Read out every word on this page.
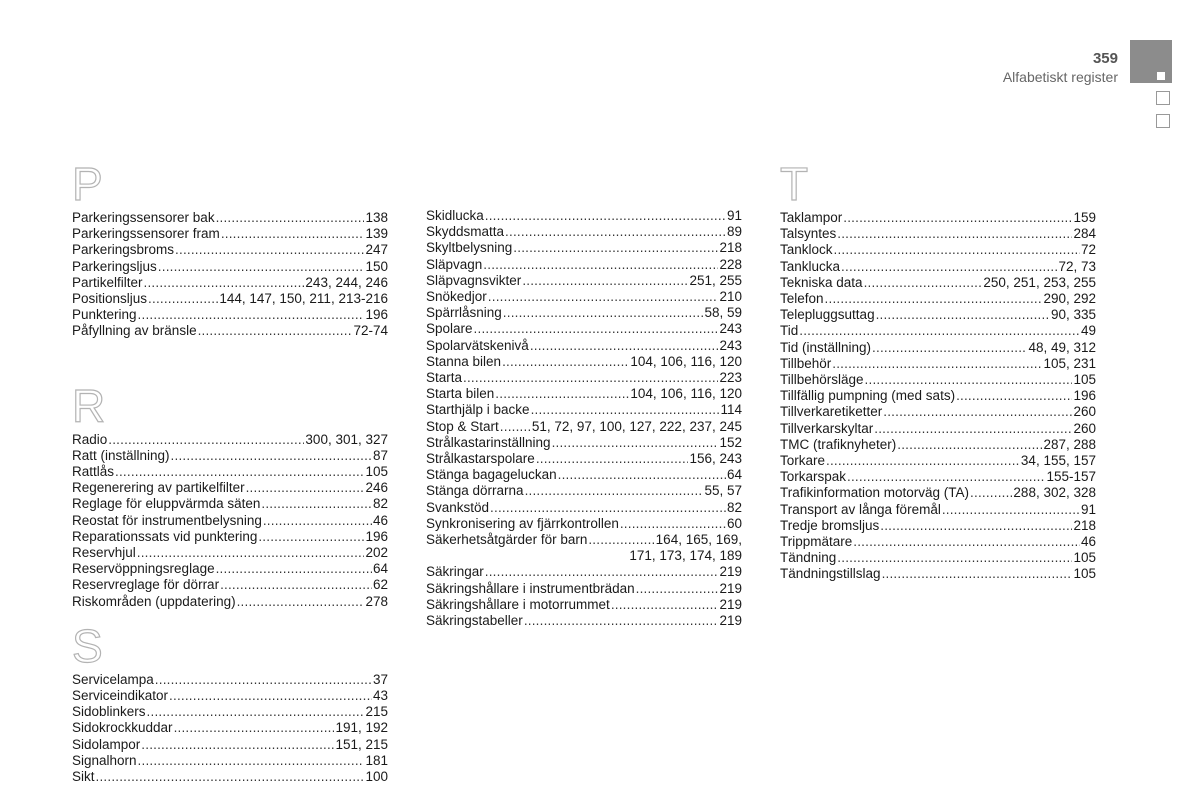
359
Alfabetiskt register
P
Parkeringssensorer bak .....	138
Parkeringssensorer fram .....	139
Parkeringsbroms .....	247
Parkeringsljus .....	150
Partikelfilter .....	243, 244, 246
Positionsljus .....	144, 147, 150, 211, 213-216
Punktering .....	196
Påfyllning av bränsle .....	72-74
R
Radio .....	300, 301, 327
Ratt (inställning) .....	87
Rattlås .....	105
Regenerering av partikelfilter .....	246
Reglage för eluppvärmda säten .....	82
Reostat för instrumentbelysning .....	46
Reparationssats vid punktering .....	196
Reservhjul .....	202
Reservöppningsreglage .....	64
Reservreglage för dörrar .....	62
Riskområden (uppdatering) .....	278
S
Servicelampa .....	37
Serviceindikator .....	43
Sidoblinkers .....	215
Sidokrockkuddar .....	191, 192
Sidolampor .....	151, 215
Signalhorn .....	181
Sikt .....	100
Skidlucka .....	91
Skyddsmatta .....	89
Skyltbelysning .....	218
Släpvagn .....	228
Släpvagnsvikter .....	251, 255
Snökedjor .....	210
Spärrlåsning .....	58, 59
Spolare .....	243
Spolarvätskenivå .....	243
Stanna bilen .....	104, 106, 116, 120
Starta .....	223
Starta bilen .....	104, 106, 116, 120
Starthjälp i backe .....	114
Stop & Start ..... 51, 72, 97, 100, 127, 222, 237, 245
Strålkastarinställning .....	152
Strålkastarspolare .....	156, 243
Stänga bagageluckan .....	64
Stänga dörrarna .....	55, 57
Svankstöd .....	82
Synkronisering av fjärrkontrollen .....	60
Säkerhetsåtgärder för barn .....	164, 165, 169,
171, 173, 174, 189
Säkringar .....	219
Säkringshållare i instrumentbrädan .....	219
Säkringshållare i motorrummet .....	219
Säkringstabeller .....	219
T
Taklampor .....	159
Talsyntes .....	284
Tanklock .....	72
Tanklucka .....	72, 73
Tekniska data .....	250, 251, 253, 255
Telefon .....	290, 292
Telepluggsuttag .....	90, 335
Tid .....	49
Tid (inställning) .....	48, 49, 312
Tillbehör .....	105, 231
Tillbehörsläge .....	105
Tillfällig pumpning (med sats) .....	196
Tillverkaretiketter .....	260
Tillverkarskyltar .....	260
TMC (trafiknyheter) .....	287, 288
Torkare .....	34, 155, 157
Torkarspak .....	155-157
Trafikinformation motorväg (TA) .....	288, 302, 328
Transport av långa föremål .....	91
Tredje bromsljus .....	218
Trippmätare .....	46
Tändning .....	105
Tändningstillslag .....	105
